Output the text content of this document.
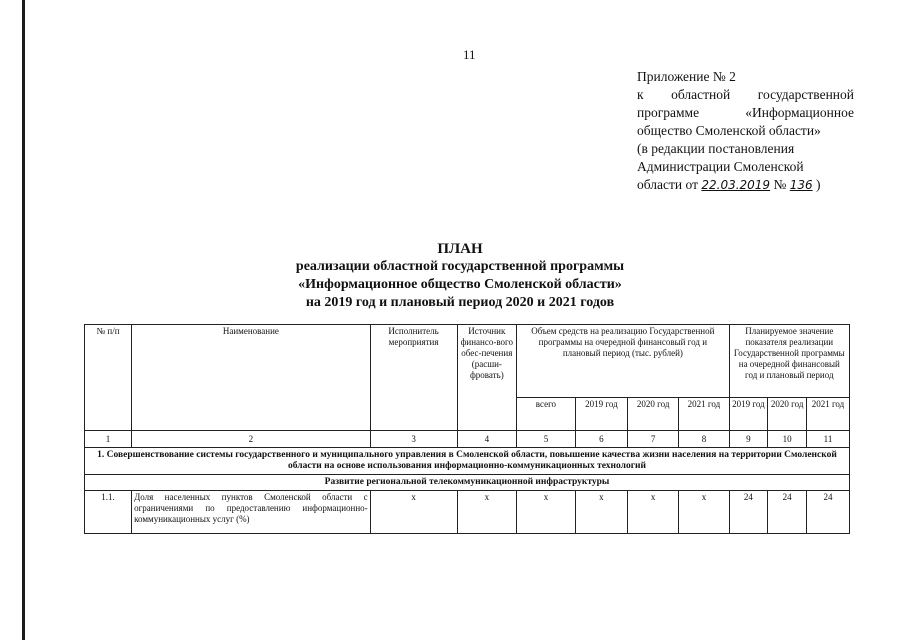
11
Приложение № 2
к областной государственной
программе «Информационное
общество Смоленской области»
(в редакции постановления
Администрации Смоленской
области от 22.03.2019 № 136 )
ПЛАН
реализации областной государственной программы
«Информационное общество Смоленской области»
на 2019 год и плановый период 2020 и 2021 годов
№ п/п	Наименование	Исполнитель мероприятия	Источник финансо-вого обес-печения (расши-фровать)	Объем средств на реализацию Государственной программы на очередной финансовый год и плановый период (тыс. рублей)				Планируемое значение показателя реализации Государственной программы на очередной финансовый год и плановый период		
				всего	2019 год	2020 год	2021 год	2019 год	2020 год	2021 год
1	2	3	4	5	6	7	8	9	10	11
1. Совершенствование системы государственного и муниципального управления в Смоленской области, повышение качества жизни населения на территории Смоленской области на основе использования информационно-коммуникационных технологий										
Развитие региональной телекоммуникационной инфраструктуры										
1.1.	Доля населенных пунктов Смоленской области с ограничениями по предоставлению информационно-коммуникационных услуг (%)	х	х	х	х	х	х	24	24	24
